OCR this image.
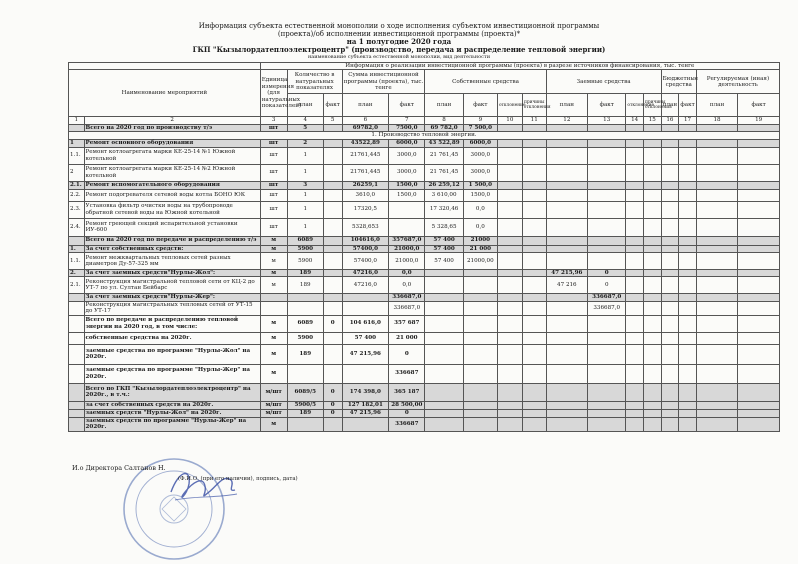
Информация субъекта естественной монополии о ходе исполнения субъектом инвестиционной программы
(проекта)/об исполнении инвестиционной программы (проекта)*
на 1 полугодие 2020 года
ГКП "Кызылордатеплоэлектроцентр" (производство, передача и распределение тепловой энергии)
наименование субъекта естественной монополии, вид деятельности
		Информация о реализации инвестиционной программы (проекта) в разрезе источников финансирования, тыс. тенге																
Наименование мероприятий		Единица измерения (для натуральных показателей)	Количество в натуральных показателях		Сумма инвестиционной программы (проекта), тыс. тенге		Собственные средства				Заемные средства				Бюджетные средства		Регулируемая (иная) деятельность	
			план	факт	план	факт	план	факт	отклонение	причины отклонения	план	факт	отклонение	причины отклонения	план	факт	план	факт
1	2	3	4	5	6	7	8	9	10	11	12	13	14	15	16	17	18	19
	Всего на 2020 год по производству т/э	шт	5		69782,0	7500,0	69 782,0	7 500,0										
1. Производство тепловой энергии.																		
1	Ремонт основного оборудования	шт	2		43522,89	6000,0	43 522,89	6000,0										
1.1.	Ремонт котлоагрегата марки КЕ-25-14 №1 Южной котельной	шт	1		21761,445	3000,0	21 761,45	3000,0										
2	Ремонт котлоагрегата марки КЕ-25-14 №2 Южной котельной	шт	1		21761,445	3000,0	21 761,45	3000,0										
2.1.	Ремонт вспомогательного оборудования	шт	3		26259,1	1500,0	26 259,12	1 500,0										
2.2.	Ремонт подогревателя сетевой воды котла БОНО ЮК	шт	1		3610,0	1500,0	3 610,00	1500,0										
2.3.	Установка фильтр очистки воды на трубопроводе обратной сетевой воды на Южной котельной	шт	1		17320,5		17 320,46	0,0										
2.4.	Ремонт греющей секций испарительной установки ИУ-600	шт	1		5328,653		5 328,65	0,0										
	Всего на 2020 год по передаче и распределению т/э	м	6089		104616,0	357687,0	57 400	21000										
1.	За счет собственных средств:	м	5900		57400,0	21000,0	57 400	21 000										
1.1.	Ремонт межквартальных тепловых сетей разных диаметров Ду-57-325 мм	м	5900		57400,0	21000,0	57 400	21000,00										
2.	За счет заемных средств"Нурлы-Жол":	м	189		47216,0	0,0					47 215,96	0						
2.1.	Реконструкция магистральной тепловой сети от КЦ-2 до УТ-7 по ул. Султан Бейбарс	м	189		47216,0	0,0					47 216	0						
	За счет заемных средств"Нурлы-Жер":					336687,0						336687,0						
	Реконструкция магистральных тепловых сетей от УТ-15 до УТ-17					336687,0						336687,0						
	Всего по передаче и распределению тепловой энергии на 2020 год, в том числе:	м	6089	0	104 616,0	357 687												
	собственные средства на 2020г.	м	5900		57 400	21 000												
	заемные средства по программе "Нурлы-Жол" на 2020г.	м	189		47 215,96	0												
	заемные средства по программе "Нурлы-Жер" на 2020г.	м				336687												
	Всего по ГКП "Кызылордатеплоэлектроцентр" на 2020г., в т.ч.:	м/шт	6089/5	0	174 398,0	365 187												
	за счет собственных средств на 2020г.	м/шт	5900/5	0	127 182,01	28 500,00												
	заемных средств "Нурлы-Жол" на 2020г.	м/шт	189	0	47 215,96	0												
	заемных средств по программе "Нурлы-Жер" на 2020г.	м				336687												
И.о Директора Салтанов Н.
(Ф.И.О. (при его наличии), подпись, дата)
